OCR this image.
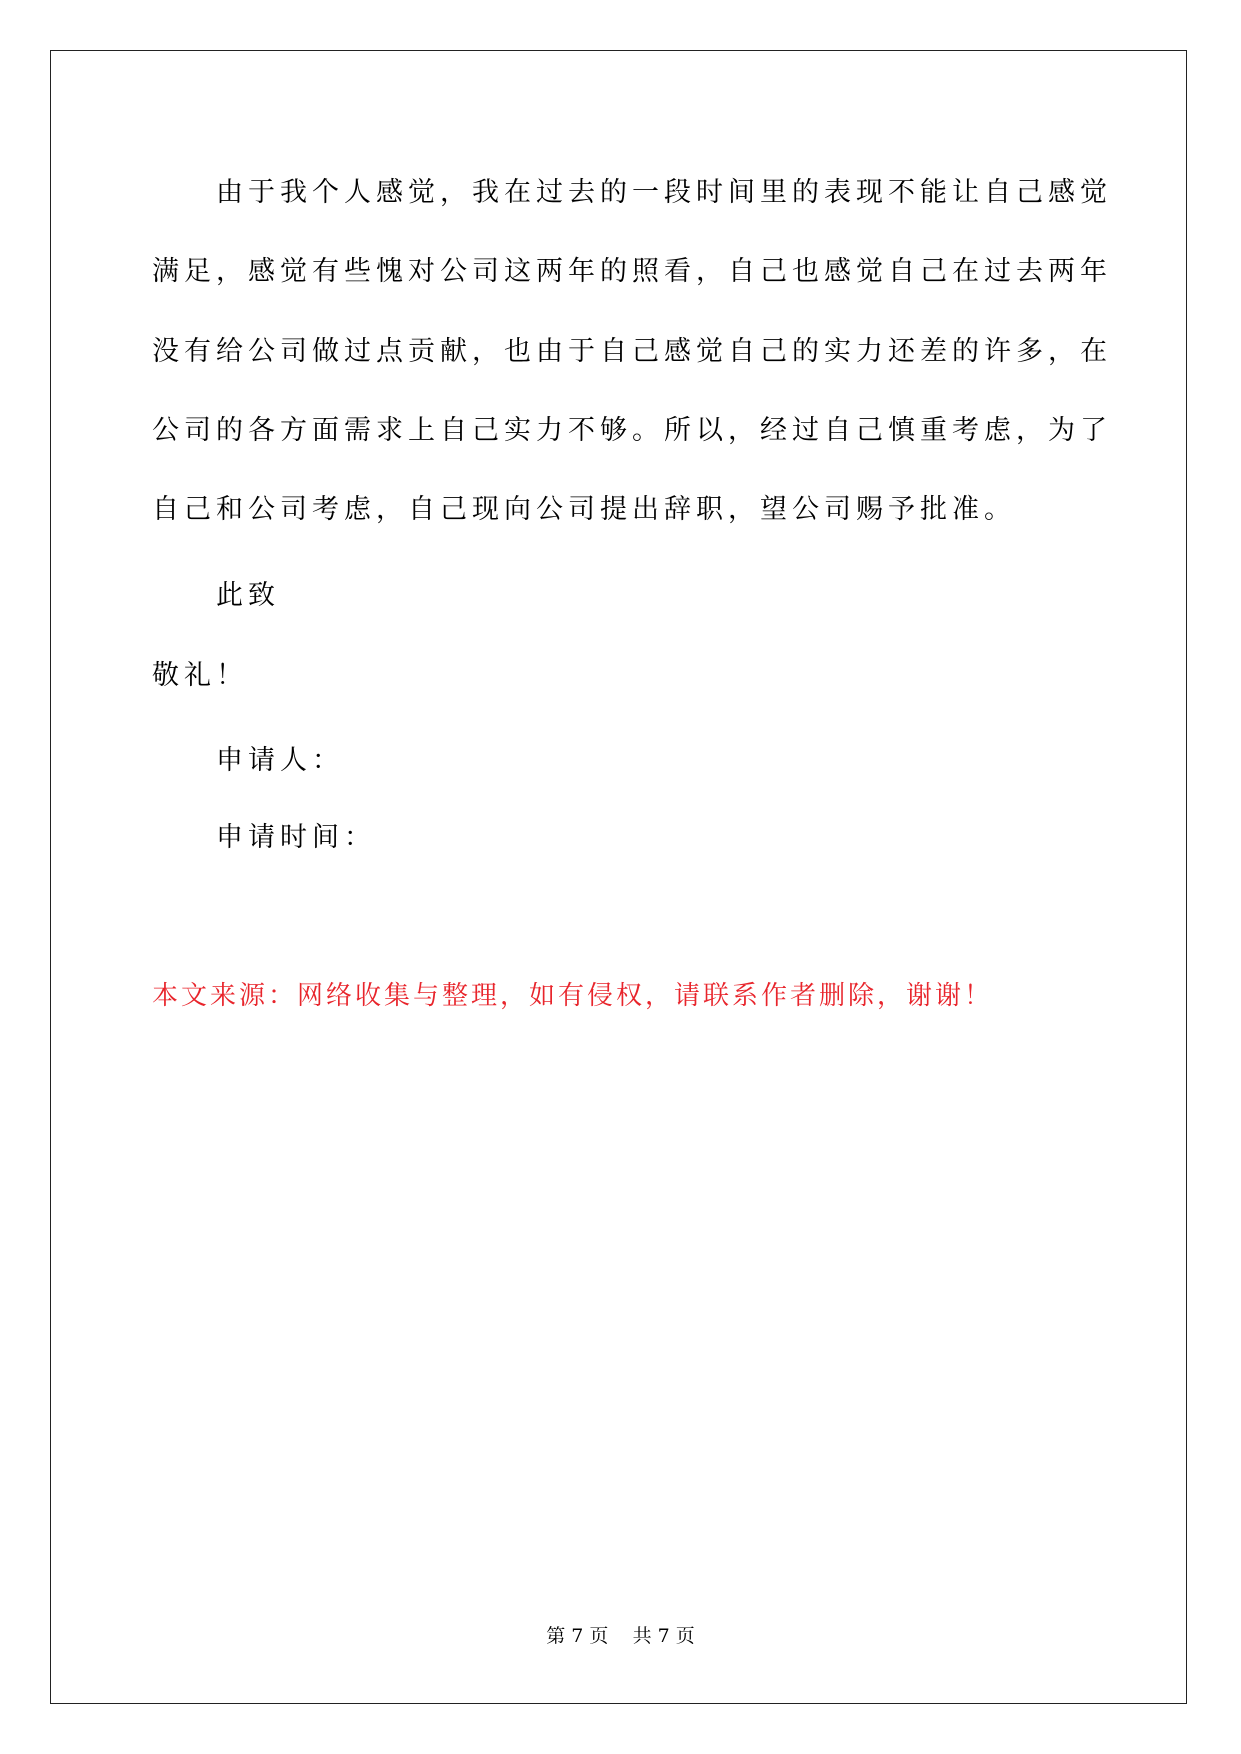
　　由于我个人感觉，我在过去的一段时间里的表现不能让自己感觉
满足，感觉有些愧对公司这两年的照看，自己也感觉自己在过去两年
没有给公司做过点贡献，也由于自己感觉自己的实力还差的许多，在
公司的各方面需求上自己实力不够。所以，经过自己慎重考虑，为了
自己和公司考虑，自己现向公司提出辞职，望公司赐予批准。
　　此致
敬礼！
　　申请人：
　　申请时间：
本文来源：网络收集与整理，如有侵权，请联系作者删除，谢谢！
第 7 页    共 7 页
